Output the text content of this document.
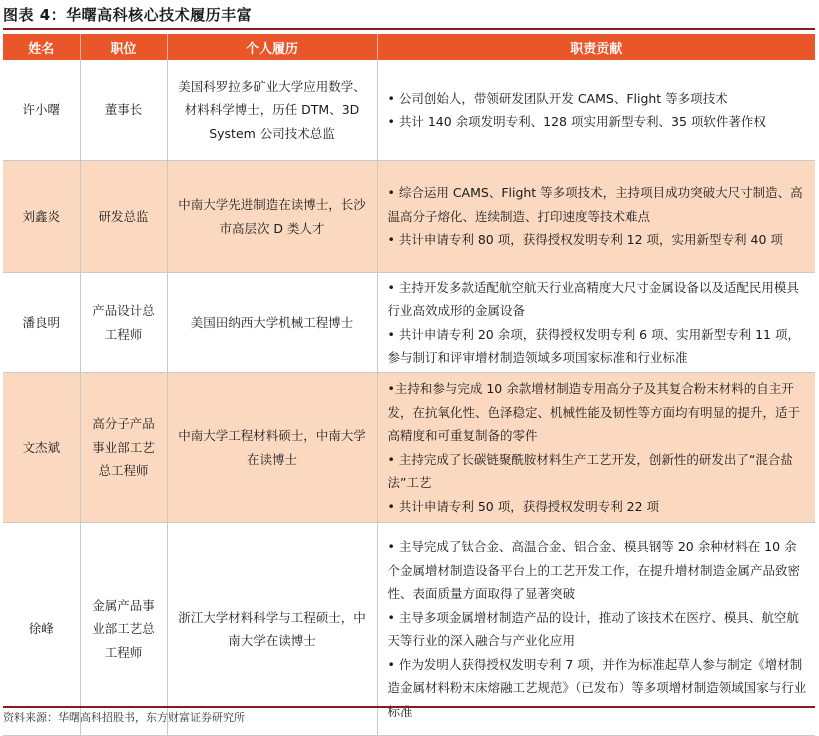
图表 4：华曙高科核心技术履历丰富
姓名	职位	个人履历	职责贡献
许小曙	董事长	美国科罗拉多矿业大学应用数学、材料科学博士，历任 DTM、3D System 公司技术总监	• 公司创始人，带领研发团队开发 CAMS、Flight 等多项技术

• 共计 140 余项发明专利、128 项实用新型专利、35 项软件著作权

刘鑫炎	研发总监	中南大学先进制造在读博士，长沙市高层次 D 类人才	• 综合运用 CAMS、Flight 等多项技术，主持项目成功突破大尺寸制造、高温高分子熔化、连续制造、打印速度等技术难点

• 共计申请专利 80 项，获得授权发明专利 12 项，实用新型专利 40 项

潘良明	产品设计总工程师	美国田纳西大学机械工程博士	• 主持开发多款适配航空航天行业高精度大尺寸金属设备以及适配民用模具行业高效成形的金属设备

• 共计申请专利 20 余项，获得授权发明专利 6 项、实用新型专利 11 项，参与制订和评审增材制造领域多项国家标准和行业标准

文杰斌	高分子产品事业部工艺总工程师	中南大学工程材料硕士，中南大学在读博士	•主持和参与完成 10 余款增材制造专用高分子及其复合粉末材料的自主开发，在抗氧化性、色泽稳定、机械性能及韧性等方面均有明显的提升，适于高精度和可重复制备的零件

• 主持完成了长碳链聚酰胺材料生产工艺开发，创新性的研发出了“混合盐法”工艺

• 共计申请专利 50 项，获得授权发明专利 22 项

徐峰	金属产品事业部工艺总工程师	浙江大学材料科学与工程硕士，中南大学在读博士	• 主导完成了钛合金、高温合金、铝合金、模具钢等 20 余种材料在 10 余个金属增材制造设备平台上的工艺开发工作，在提升增材制造金属产品致密性、表面质量方面取得了显著突破

• 主导多项金属增材制造产品的设计，推动了该技术在医疗、模具、航空航天等行业的深入融合与产业化应用

• 作为发明人获得授权发明专利 7 项，并作为标准起草人参与制定《增材制造金属材料粉末床熔融工艺规范》（已发布）等多项增材制造领域国家与行业标准

资料来源：华曙高科招股书，东方财富证券研究所
